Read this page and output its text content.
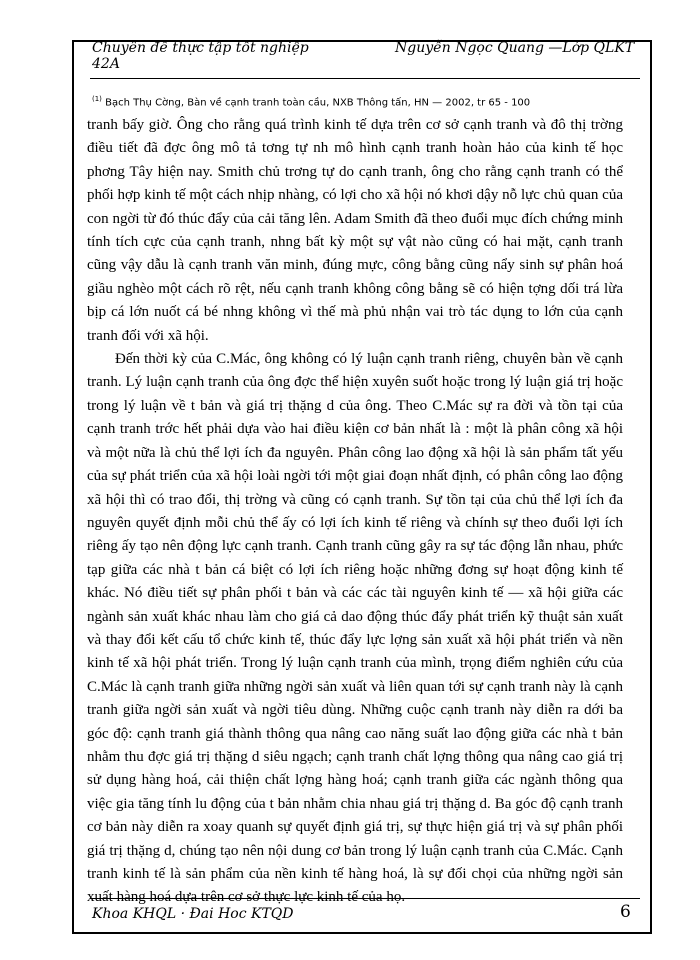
Chuyên đề thực tập tốt nghiệp
42A
Nguyễn Ngọc Quang —Lớp QLKT
$^{(1)}$ Bạch Thụ Cờng, Bàn về cạnh tranh toàn cầu, NXB Thông tấn, HN — 2002, tr 65 - 100

tranh bấy giờ. Ông cho rằng quá trình kinh tế dựa trên cơ sở cạnh tranh và đô thị trờng điều tiết đã đợc ông mô tả tơng tự nh mô hình cạnh tranh hoàn hảo của kinh tế học phơng Tây hiện nay. Smith chủ trơng tự do cạnh tranh, ông cho rằng cạnh tranh có thể phối hợp kinh tế một cách nhịp nhàng, có lợi cho xã hội nó khơi dậy nỗ lực chủ quan của con ngời từ đó thúc đẩy của cải tăng lên. Adam Smith đã theo đuổi mục đích chứng minh tính tích cực của cạnh tranh, nhng bất kỳ một sự vật nào cũng có hai mặt, cạnh tranh cũng vậy dẫu là cạnh tranh văn minh, đúng mực, công bằng cũng nẩy sinh sự phân hoá giầu nghèo một cách rõ rệt, nếu cạnh tranh không công bằng sẽ có hiện tợng dối trá lừa bịp cá lớn nuốt cá bé nhng không vì thế mà phủ nhận vai trò tác dụng to lớn của cạnh tranh đối với xã hội.

Đến thời kỳ của C.Mác, ông không có lý luận cạnh tranh riêng, chuyên bàn về cạnh tranh. Lý luận cạnh tranh của ông đợc thể hiện xuyên suốt hoặc trong lý luận giá trị hoặc trong lý luận về t bản và giá trị thặng d của ông. Theo C.Mác sự ra đời và tồn tại của cạnh tranh trớc hết phải dựa vào hai điều kiện cơ bản nhất là : một là phân công xã hội và một nữa là chủ thể lợi ích đa nguyên. Phân công lao động xã hội là sản phẩm tất yếu của sự phát triển của xã hội loài ngời tới một giai đoạn nhất định, có phân công lao động xã hội thì có trao đổi, thị trờng và cũng có cạnh tranh. Sự tồn tại của chủ thể lợi ích đa nguyên quyết định mỗi chủ thể ấy có lợi ích kinh tế riêng và chính sự theo đuổi lợi ích riêng ấy tạo nên động lực cạnh tranh. Cạnh tranh cũng gây ra sự tác động lẫn nhau, phức tạp giữa các nhà t bản cá biệt có lợi ích riêng hoặc những đơng sự hoạt động kinh tế khác. Nó điều tiết sự phân phối t bản và các các tài nguyên kinh tế — xã hội giữa các ngành sản xuất khác nhau làm cho giá cả dao động thúc đẩy phát triển kỹ thuật sản xuất và thay đổi kết cấu tổ chức kinh tế, thúc đẩy lực lợng sản xuất xã hội phát triển và nền kinh tế xã hội phát triển. Trong lý luận cạnh tranh của mình, trọng điểm nghiên cứu của C.Mác là cạnh tranh giữa những ngời sản xuất và liên quan tới sự cạnh tranh này là cạnh tranh giữa ngời sản xuất và ngời tiêu dùng. Những cuộc cạnh tranh này diễn ra dới ba góc độ: cạnh tranh giá thành thông qua nâng cao năng suất lao động giữa các nhà t bản nhằm thu đợc giá trị thặng d siêu ngạch; cạnh tranh chất lợng thông qua nâng cao giá trị sử dụng hàng hoá, cải thiện chất lợng hàng hoá; cạnh tranh giữa các ngành thông qua việc gia tăng tính lu động của t bản nhằm chia nhau giá trị thặng d. Ba góc độ cạnh tranh cơ bản này diễn ra xoay quanh sự quyết định giá trị, sự thực hiện giá trị và sự phân phối giá trị thặng d, chúng tạo nên nội dung cơ bản trong lý luận cạnh tranh của C.Mác. Cạnh tranh kinh tế là sản phẩm của nền kinh tế hàng hoá, là sự đối chọi của những ngời sản xuất hàng hoá dựa trên cơ sở thực lực kinh tế của họ.

Khoa KHQL · Đai Hoc KTQD	6
